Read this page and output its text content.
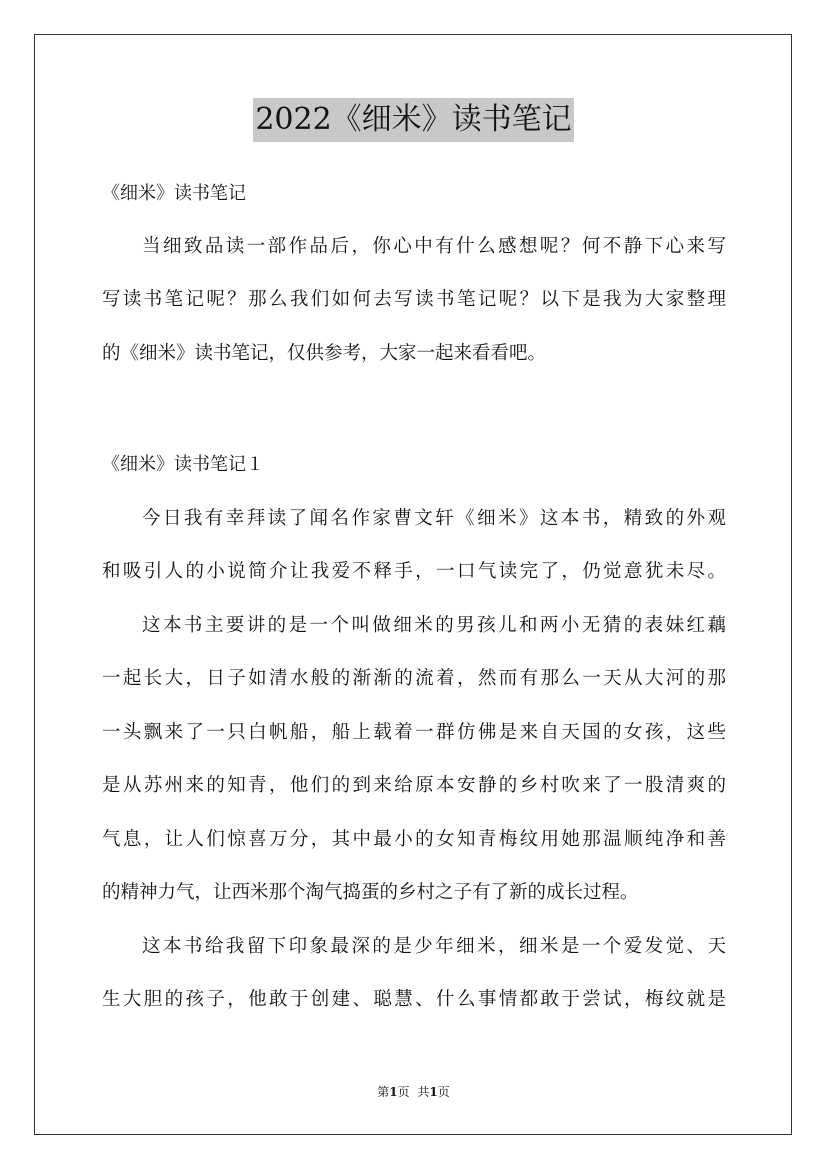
2022《细米》读书笔记
《细米》读书笔记
当细致品读一部作品后，你心中有什么感想呢？何不静下心来写
写读书笔记呢？那么我们如何去写读书笔记呢？以下是我为大家整理
的《细米》读书笔记，仅供参考，大家一起来看看吧。
《细米》读书笔记１
今日我有幸拜读了闻名作家曹文轩《细米》这本书，精致的外观
和吸引人的小说简介让我爱不释手，一口气读完了，仍觉意犹未尽。
这本书主要讲的是一个叫做细米的男孩儿和两小无猜的表妹红藕
一起长大，日子如清水般的渐渐的流着，然而有那么一天从大河的那
一头飘来了一只白帆船，船上载着一群仿佛是来自天国的女孩，这些
是从苏州来的知青，他们的到来给原本安静的乡村吹来了一股清爽的
气息，让人们惊喜万分，其中最小的女知青梅纹用她那温顺纯净和善
的精神力气，让西米那个淘气捣蛋的乡村之子有了新的成长过程。
这本书给我留下印象最深的是少年细米，细米是一个爱发觉、天
生大胆的孩子，他敢于创建、聪慧、什么事情都敢于尝试，梅纹就是
第1页 共1页
